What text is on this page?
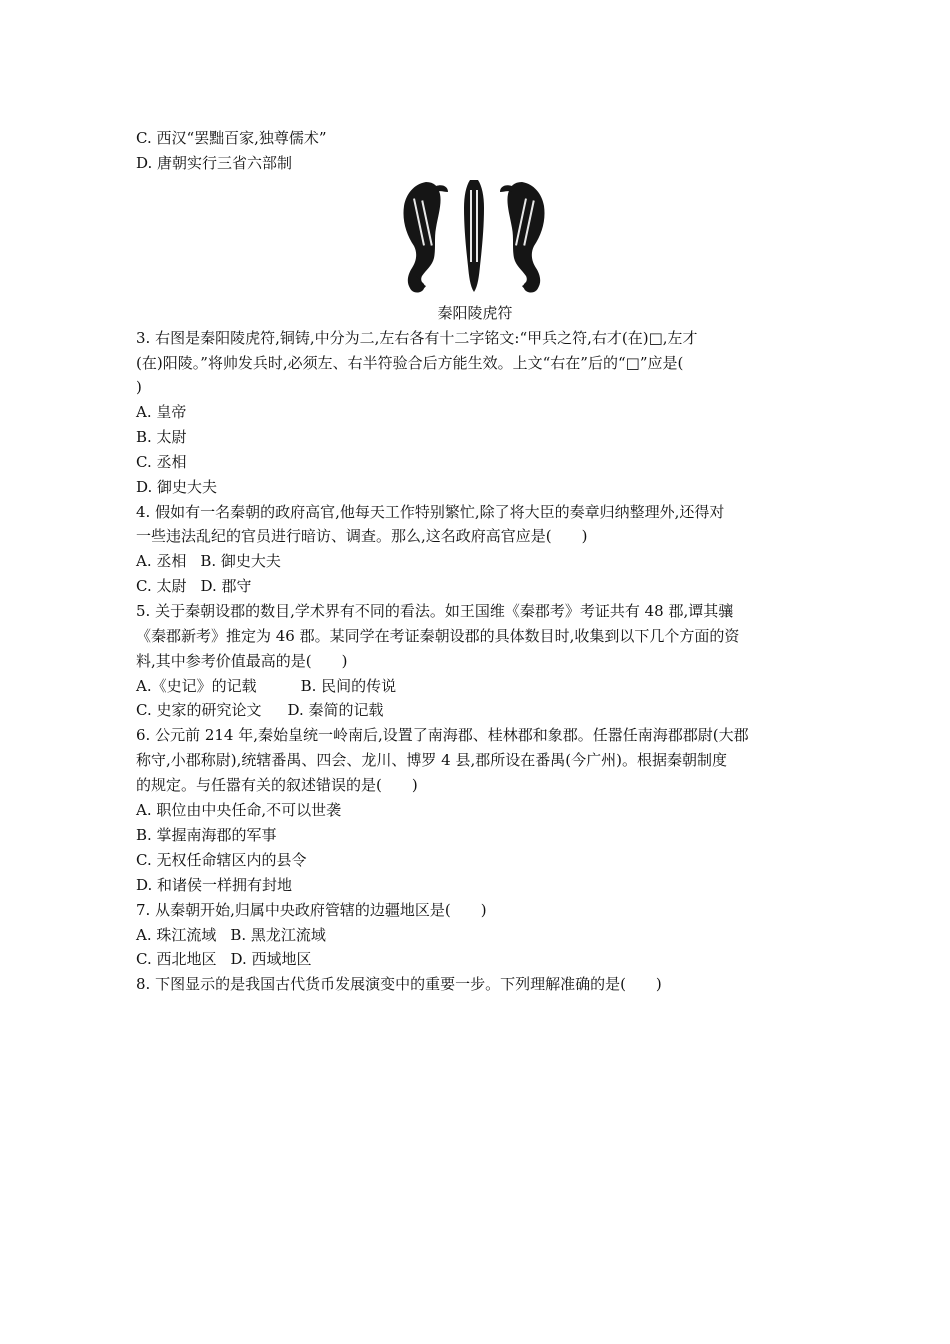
C. 西汉“罢黜百家,独尊儒术”
D. 唐朝实行三省六部制
秦阳陵虎符
3. 右图是秦阳陵虎符,铜铸,中分为二,左右各有十二字铭文:“甲兵之符,右才(在)□,左才
(在)阳陵。”将帅发兵时,必须左、右半符验合后方能生效。上文“右在”后的“□”应是(
)
A. 皇帝
B. 太尉
C. 丞相
D. 御史大夫
4. 假如有一名秦朝的政府高官,他每天工作特别繁忙,除了将大臣的奏章归纳整理外,还得对
一些违法乱纪的官员进行暗访、调查。那么,这名政府高官应是(　　)
A. 丞相 B. 御史大夫
C. 太尉 D. 郡守
5. 关于秦朝设郡的数目,学术界有不同的看法。如王国维《秦郡考》考证共有 48 郡,谭其骧
《秦郡新考》推定为 46 郡。某同学在考证秦朝设郡的具体数目时,收集到以下几个方面的资
料,其中参考价值最高的是(　　)
A.《史记》的记载	B. 民间的传说
C. 史家的研究论文 D. 秦简的记载
6. 公元前 214 年,秦始皇统一岭南后,设置了南海郡、桂林郡和象郡。任嚣任南海郡郡尉(大郡
称守,小郡称尉),统辖番禺、四会、龙川、博罗 4 县,郡所设在番禺(今广州)。根据秦朝制度
的规定。与任嚣有关的叙述错误的是(　　)
A. 职位由中央任命,不可以世袭
B. 掌握南海郡的军事
C. 无权任命辖区内的县令
D. 和诸侯一样拥有封地
7. 从秦朝开始,归属中央政府管辖的边疆地区是(　　)
A. 珠江流域 B. 黑龙江流域
C. 西北地区 D. 西域地区
8. 下图显示的是我国古代货币发展演变中的重要一步。下列理解准确的是(　　)
